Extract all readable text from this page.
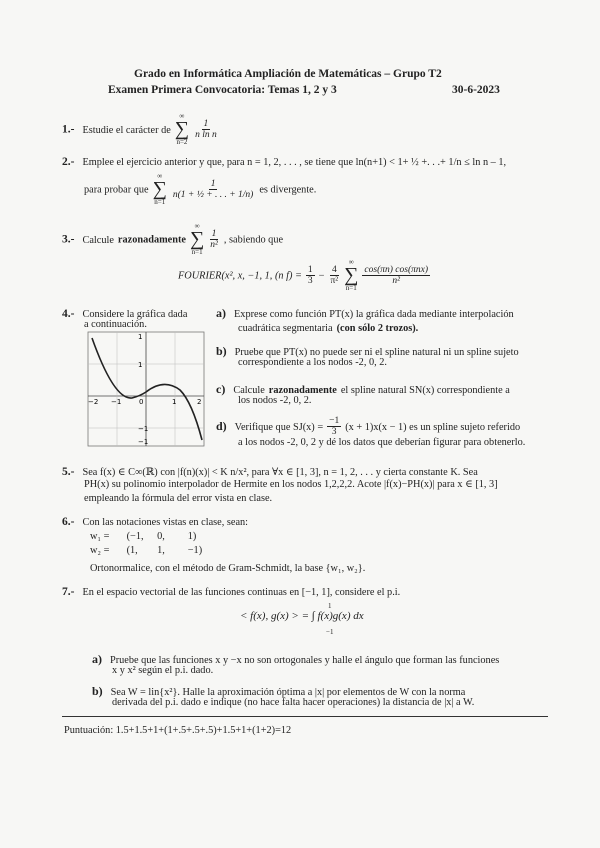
Grado en Informática Ampliación de Matemáticas – Grupo T2
Examen Primera Convocatoria: Temas 1, 2 y 3	30-6-2023
1.- Estudie el carácter de
∞
∑
n=2

$\frac{1}{\text{n ln n}}$
2.- Emplee el ejercicio anterior y que, para n = 1, 2, . . . , se tiene que ln(n+1) < 1+ ½ +. . .+ 1/n ≤ ln n – 1,
para probar que
∞
∑
n=1

$\frac{1}{\text{n(1 + ½ + . . . + 1/n)}}$ es divergente.
3.- Calcule razonadamente
∞
∑
n=1

$\frac{1}{\text{n²}}$ , sabiendo que
FOURIER(x², x, −1, 1, (n $f) = \frac{1}{3} - \frac{4}{\text{π²}}$

∞
∑
n=1

$\frac{\text{cos(πn) cos(πnx)}}{\text{n²}}$
4.- Considere la gráfica dada
a continuación.
−2 −1	0	1	2
1
−1
1
−1
a) Exprese como función PT(x) la gráfica dada mediante interpolación
cuadrática segmentaria (con sólo 2 trozos).
b) Pruebe que PT(x) no puede ser ni el spline natural ni un spline sujeto
correspondiente a los nodos -2, 0, 2.
c) Calcule razonadamente el spline natural SN(x) correspondiente a
los nodos -2, 0, 2.
d) Verifique que $SJ(x) = \frac{-1}{3} (x + 1)x(x - 1)$ es un spline sujeto referido
a los nodos -2, 0, 2 y dé los datos que deberían figurar para obtenerlo.
5.- Sea f(x) ∈ C∞(ℝ) con |f(n)(x)| < K n/x², para ∀x ∈ [1, 3], n = 1, 2, . . . y cierta constante K. Sea
PH(x) su polinomio interpolador de Hermite en los nodos 1,2,2,2. Acote |f(x)−PH(x)| para x ∈ [1, 3]
empleando la fórmula del error vista en clase.
6.- Con las notaciones vistas en clase, sean:
w₁ = (−1, 0, 1)
w₂ = (1, 1, −1)
Ortonormalice, con el método de Gram-Schmidt, la base {w₁, w₂}.
7.- En el espacio vectorial de las funciones continuas en [−1, 1], considere el p.i.
1
−1
< f(x), g(x) > = ∫ f(x)g(x) dx
a) Pruebe que las funciones x y −x no son ortogonales y halle el ángulo que forman las funciones
x y x² según el p.i. dado.
b) Sea W = lin{x²}. Halle la aproximación óptima a |x| por elementos de W con la norma
derivada del p.i. dado e indique (no hace falta hacer operaciones) la distancia de |x| a W.
Puntuación: 1.5+1.5+1+(1+.5+.5+.5)+1.5+1+(1+2)=12
